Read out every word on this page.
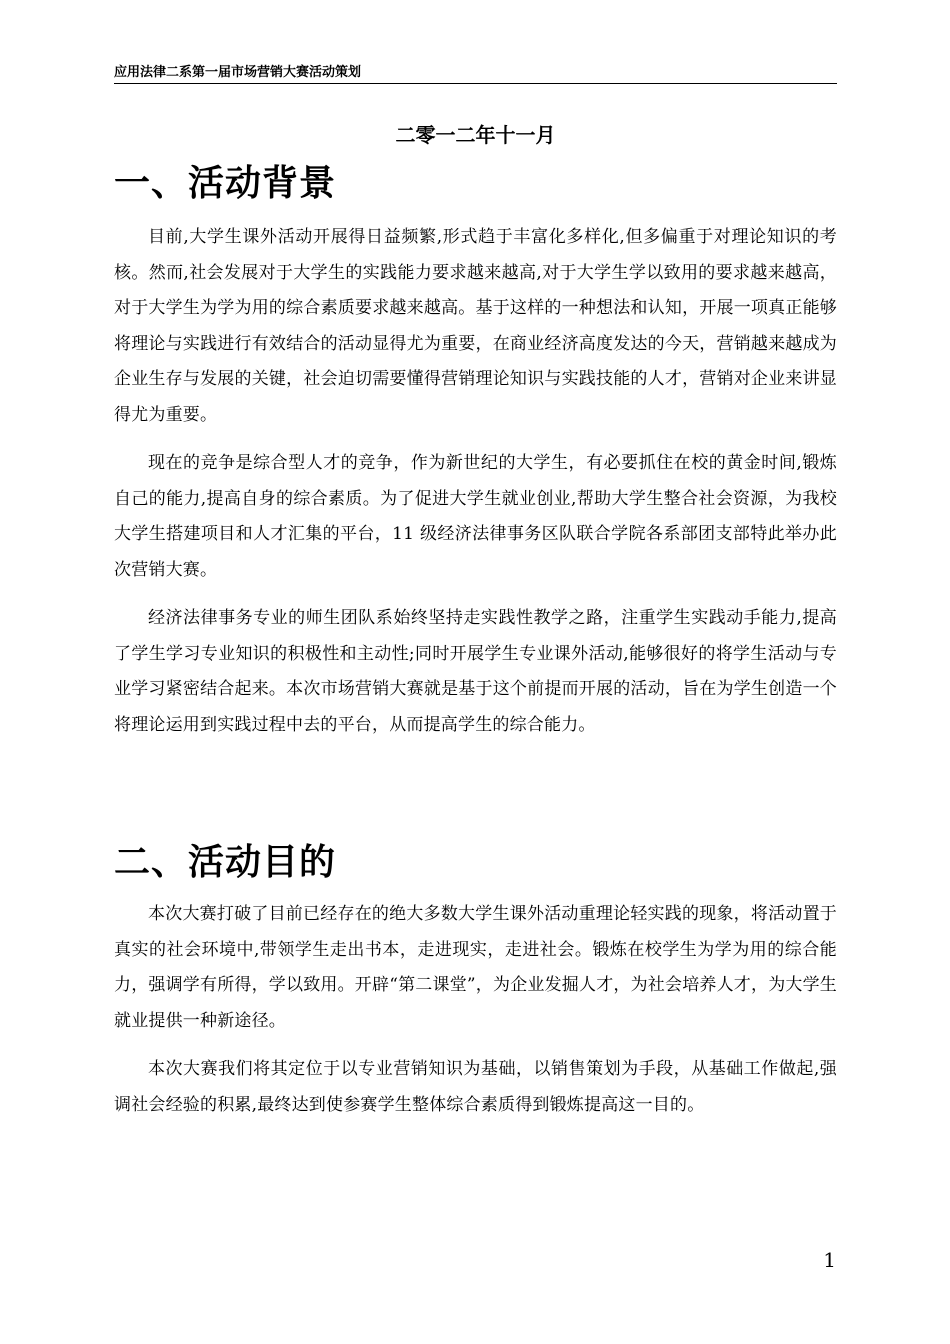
应用法律二系第一届市场营销大赛活动策划

二零一二年十一月

一、活动背景

目前,大学生课外活动开展得日益频繁,形式趋于丰富化多样化,但多偏重于对理论知识的考核。然而,社会发展对于大学生的实践能力要求越来越高,对于大学生学以致用的要求越来越高，对于大学生为学为用的综合素质要求越来越高。基于这样的一种想法和认知，开展一项真正能够将理论与实践进行有效结合的活动显得尤为重要，在商业经济高度发达的今天，营销越来越成为企业生存与发展的关键，社会迫切需要懂得营销理论知识与实践技能的人才，营销对企业来讲显得尤为重要。

现在的竞争是综合型人才的竞争，作为新世纪的大学生，有必要抓住在校的黄金时间,锻炼自己的能力,提高自身的综合素质。为了促进大学生就业创业,帮助大学生整合社会资源，为我校大学生搭建项目和人才汇集的平台，11 级经济法律事务区队联合学院各系部团支部特此举办此次营销大赛。

经济法律事务专业的师生团队系始终坚持走实践性教学之路，注重学生实践动手能力,提高了学生学习专业知识的积极性和主动性;同时开展学生专业课外活动,能够很好的将学生活动与专业学习紧密结合起来。本次市场营销大赛就是基于这个前提而开展的活动，旨在为学生创造一个将理论运用到实践过程中去的平台，从而提高学生的综合能力。

二、活动目的

本次大赛打破了目前已经存在的绝大多数大学生课外活动重理论轻实践的现象，将活动置于真实的社会环境中,带领学生走出书本，走进现实，走进社会。锻炼在校学生为学为用的综合能力，强调学有所得，学以致用。开辟“第二课堂”，为企业发掘人才，为社会培养人才，为大学生就业提供一种新途径。

本次大赛我们将其定位于以专业营销知识为基础，以销售策划为手段，从基础工作做起,强调社会经验的积累,最终达到使参赛学生整体综合素质得到锻炼提高这一目的。

1
